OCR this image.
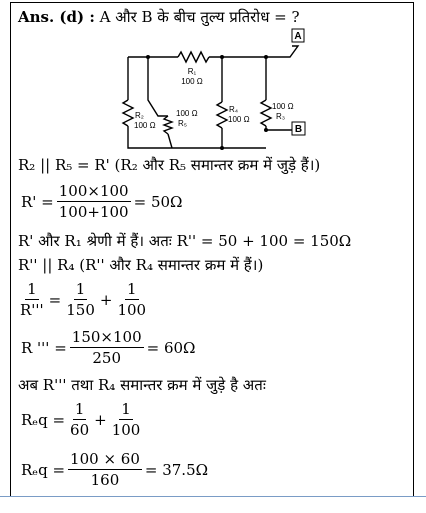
Ans. (d) : A और B के बीच तुल्य प्रतिरोध = ?
A
B
R₁
100 Ω
R₂
100 Ω
100 Ω
R₅
R₄
100 Ω
100 Ω
R₃
R₂ || R₅ = R' (R₂ और R₅ समान्तर क्रम में जुड़े हैं।)
$R' = \frac{100\times 100}{100+100} = 50\Omega$
R' और R₁ श्रेणी में हैं। अतः R'' = 50 + 100 = 150Ω
R'' || R₄ (R'' और R₄ समान्तर क्रम में हैं।)
$\frac{1}{R'''} = \frac{1}{150} + \frac{1}{100}$
R ''' = $\frac{150\times 100}{250} = 60\Omega$
अब R''' तथा R₄ समान्तर क्रम में जुड़े है अतः
$R_eq = \frac{1}{60} + \frac{1}{100}$
$R_eq = \frac{100 \times 60}{160} = 37.5\Omega$
